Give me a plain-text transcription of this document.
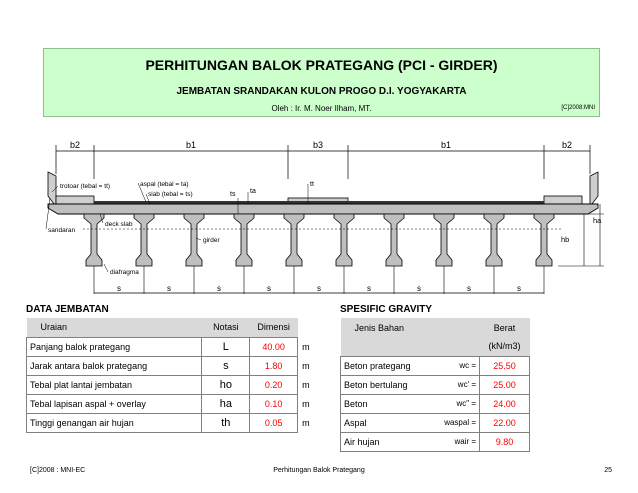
PERHITUNGAN BALOK PRATEGANG (PCI - GIRDER)
JEMBATAN SRANDAKAN KULON PROGO D.I. YOGYAKARTA
Oleh : Ir. M. Noer Ilham, MT.	[C]2008:MNI
b2	b1	b3	b1	b2
s	s	s	s	s	s	s	s	s
ha
hb
trotoar (tebal = tt)	aspal (tebal = ta)
slab (tebal = ts)	ts ta
tt
deck slab
sandaran
girder
diafragma
DATA JEMBATAN
Uraian	Notasi	Dimensi	
Panjang balok prategang	L	40.00	m
Jarak antara balok prategang	s	1.80	m
Tebal plat lantai jembatan	ho	0.20	m
Tebal lapisan aspal + overlay	ha	0.10	m
Tinggi genangan air hujan	th	0.05	m
SPESIFIC GRAVITY
Jenis Bahan		Berat
		(kN/m3)
Beton prategang	wc =	25.50
Beton bertulang	wc' =	25.00
Beton	wc" =	24.00
Aspal	waspal =	22.00
Air hujan	wair =	9.80
[C]2008 : MNI-EC	Perhitungan Balok Prategang	25
